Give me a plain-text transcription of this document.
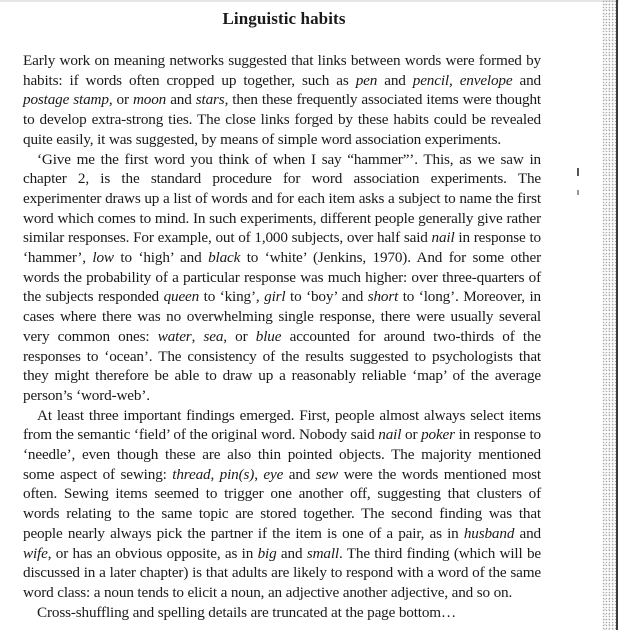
Linguistic habits

Early work on meaning networks suggested that links between words were formed by habits: if words often cropped up together, such as pen and pencil, envelope and postage stamp, or moon and stars, then these frequently associated items were thought to develop extra-strong ties. The close links forged by these habits could be revealed quite easily, it was suggested, by means of simple word association experiments.

‘Give me the first word you think of when I say “hammer”’. This, as we saw in chapter 2, is the standard procedure for word association experiments. The experimenter draws up a list of words and for each item asks a subject to name the first word which comes to mind. In such experiments, different people generally give rather similar responses. For example, out of 1,000 subjects, over half said nail in response to ‘hammer’, low to ‘high’ and black to ‘white’ (Jenkins, 1970). And for some other words the probability of a particular response was much higher: over three-quarters of the subjects responded queen to ‘king’, girl to ‘boy’ and short to ‘long’. Moreover, in cases where there was no overwhelming single response, there were usually several very common ones: water, sea, or blue accounted for around two-thirds of the responses to ‘ocean’. The consistency of the results suggested to psychologists that they might therefore be able to draw up a reasonably reliable ‘map’ of the average person’s ‘word-web’.

At least three important findings emerged. First, people almost always select items from the semantic ‘field’ of the original word. Nobody said nail or poker in response to ‘needle’, even though these are also thin pointed objects. The majority mentioned some aspect of sewing: thread, pin(s), eye and sew were the words mentioned most often. Sewing items seemed to trigger one another off, suggesting that clusters of words relating to the same topic are stored together. The second finding was that people nearly always pick the partner if the item is one of a pair, as in husband and wife, or has an obvious opposite, as in big and small. The third finding (which will be discussed in a later chapter) is that adults are likely to respond with a word of the same word class: a noun tends to elicit a noun, an adjective another adjective, and so on.

Cross-shuffling and spelling details are truncated at the page bottom…
